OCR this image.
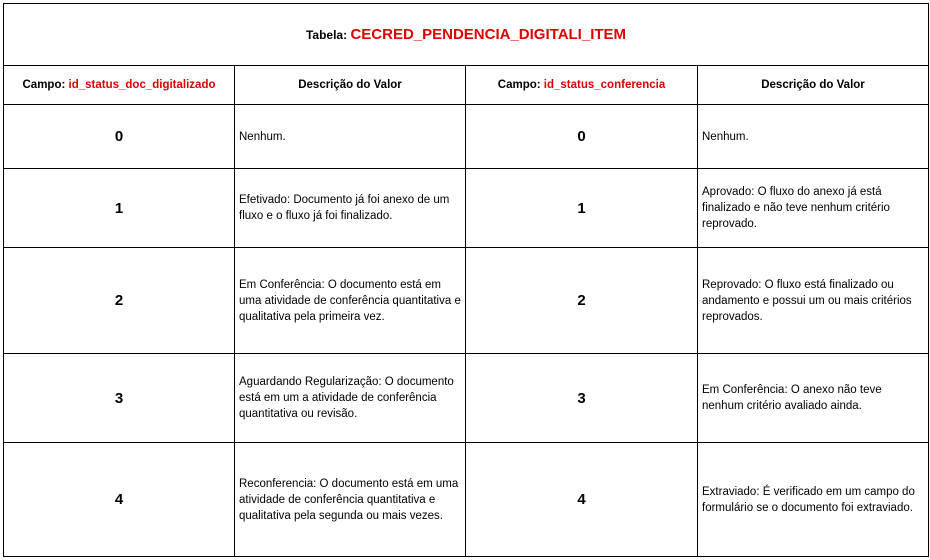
Tabela: CECRED_PENDENCIA_DIGITALI_ITEM			
Campo: id_status_doc_digitalizado	Descrição do Valor	Campo: id_status_conferencia	Descrição do Valor
0	Nenhum.	0	Nenhum.
1	Efetivado: Documento já foi anexo de um fluxo e o fluxo já foi finalizado.	1	Aprovado: O fluxo do anexo já está finalizado e não teve nenhum critério reprovado.
2	Em Conferência: O documento está em uma atividade de conferência quantitativa e qualitativa pela primeira vez.	2	Reprovado: O fluxo está finalizado ou andamento e possui um ou mais critérios reprovados.
3	Aguardando Regularização: O documento está em um a atividade de conferência quantitativa ou revisão.	3	Em Conferência: O anexo não teve nenhum critério avaliado ainda.
4	Reconferencia: O documento está em uma atividade de conferência quantitativa e qualitativa pela segunda ou mais vezes.	4	Extraviado: É verificado em um campo do formulário se o documento foi extraviado.
